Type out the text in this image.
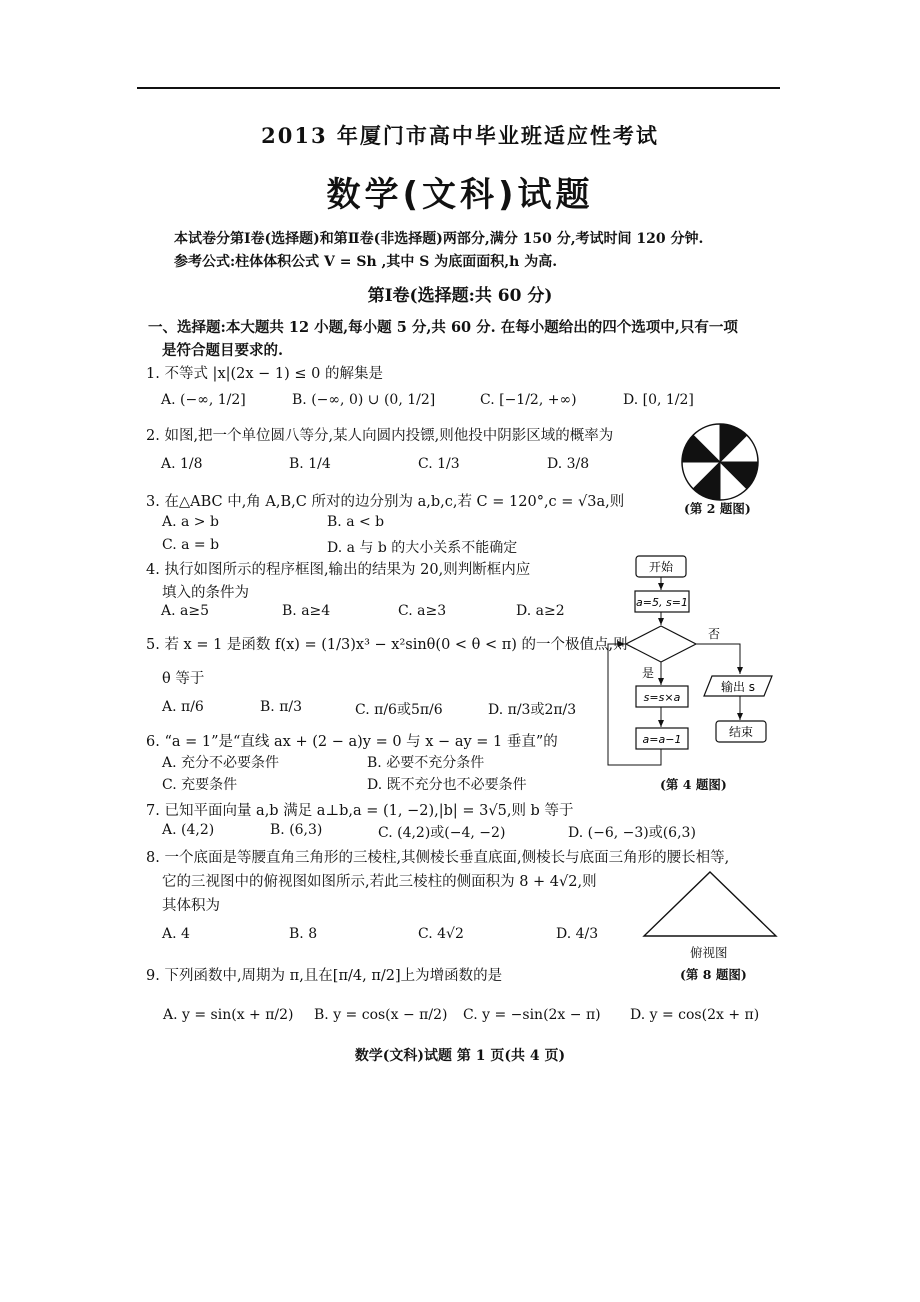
2013 年厦门市高中毕业班适应性考试
数学(文科)试题
本试卷分第Ⅰ卷(选择题)和第Ⅱ卷(非选择题)两部分,满分 150 分,考试时间 120 分钟.
参考公式:柱体体积公式 V = Sh ,其中 S 为底面面积,h 为高.
第Ⅰ卷(选择题:共 60 分)
一、选择题:本大题共 12 小题,每小题 5 分,共 60 分. 在每小题给出的四个选项中,只有一项
是符合题目要求的.
1. 不等式 |x|(2x − 1) ≤ 0 的解集是
A. (−∞, 1/2]	B. (−∞, 0) ∪ (0, 1/2]	C. [−1/2, +∞)	D. [0, 1/2]
2. 如图,把一个单位圆八等分,某人向圆内投镖,则他投中阴影区域的概率为
A. 1/8	B. 1/4	C. 1/3	D. 3/8
(第 2 题图)
3. 在△ABC 中,角 A,B,C 所对的边分别为 a,b,c,若 C = 120°,c = √3a,则
A. a > b	B. a < b
C. a = b	D. a 与 b 的大小关系不能确定
4. 执行如图所示的程序框图,输出的结果为 20,则判断框内应
填入的条件为
A. a≥5	B. a≥4	C. a≥3	D. a≥2
开始
a=5, s=1
否
输出 s
结束
是
s=s×a
a=a−1
(第 4 题图)
5. 若 x = 1 是函数 f(x) = (1/3)x³ − x²sinθ(0 < θ < π) 的一个极值点,则
θ 等于
A. π/6	B. π/3	C. π/6或5π/6	D. π/3或2π/3
6. “a = 1”是“直线 ax + (2 − a)y = 0 与 x − ay = 1 垂直”的
A. 充分不必要条件	B. 必要不充分条件
C. 充要条件	D. 既不充分也不必要条件
7. 已知平面向量 a,b 满足 a⊥b,a = (1, −2),|b| = 3√5,则 b 等于
A. (4,2)	B. (6,3)	C. (4,2)或(−4, −2)	D. (−6, −3)或(6,3)
8. 一个底面是等腰直角三角形的三棱柱,其侧棱长垂直底面,侧棱长与底面三角形的腰长相等,
它的三视图中的俯视图如图所示,若此三棱柱的侧面积为 8 + 4√2,则
其体积为
A. 4	B. 8	C. 4√2	D. 4/3
俯视图
(第 8 题图)
9. 下列函数中,周期为 π,且在[π/4, π/2]上为增函数的是
A. y = sin(x + π/2) B. y = cos(x − π/2) C. y = −sin(2x − π) D. y = cos(2x + π)
数学(文科)试题 第 1 页(共 4 页)
